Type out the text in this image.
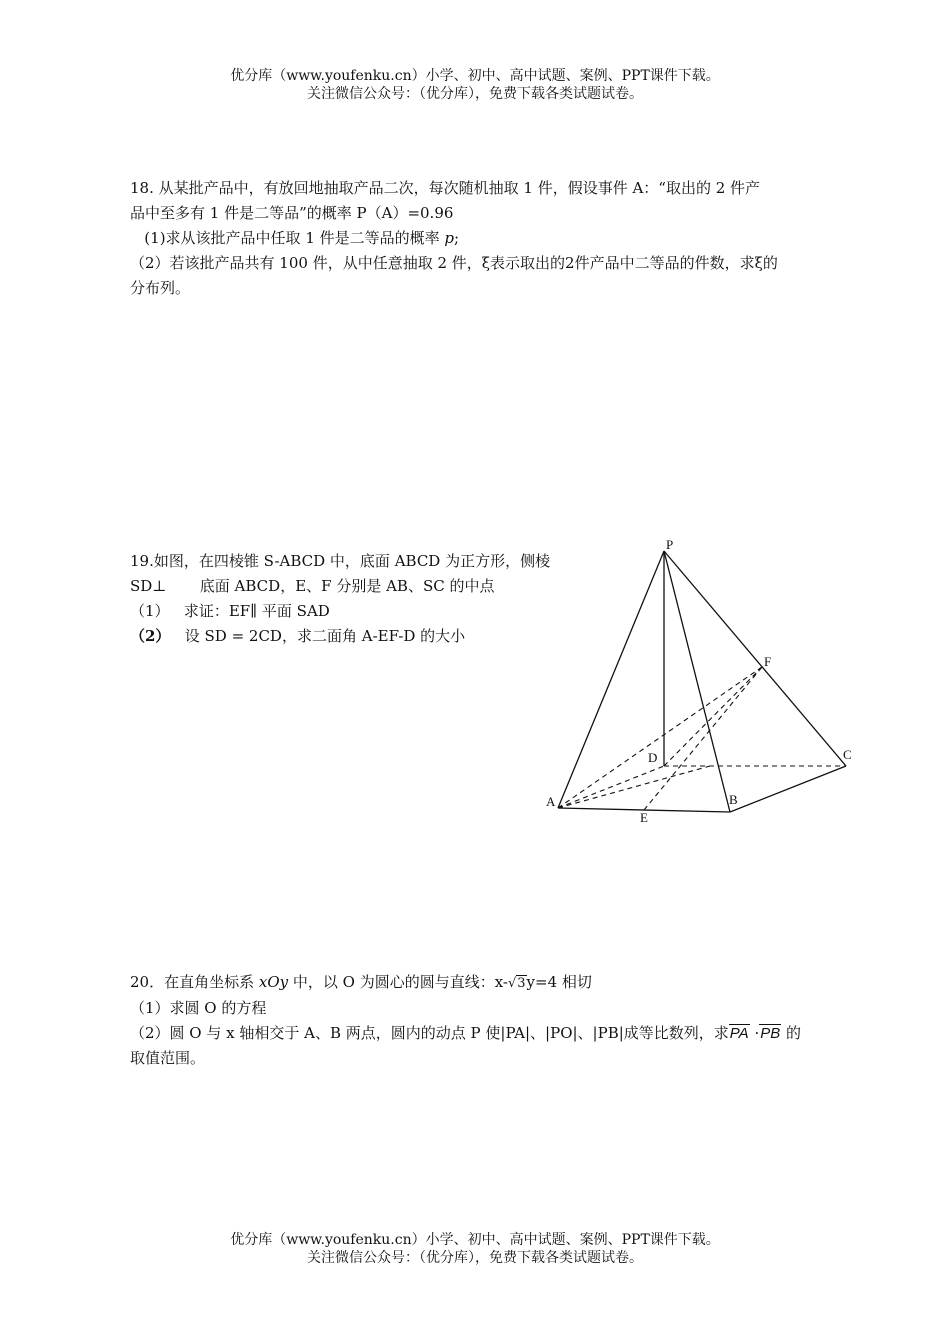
优分库（www.youfenku.cn）小学、初中、高中试题、案例、PPT课件下载。
关注微信公众号：（优分库），免费下载各类试题试卷。

18. 从某批产品中，有放回地抽取产品二次，每次随机抽取 1 件，假设事件 A：“取出的 2 件产

品中至多有 1 件是二等品”的概率 P（A）=0.96

(1)求从该批产品中任取 1 件是二等品的概率 p;

（2）若该批产品共有 100 件，从中任意抽取 2 件，ξ表示取出的2件产品中二等品的件数，求ξ的

分布列。

19.如图，在四棱锥 S-ABCD 中，底面 ABCD 为正方形，侧棱

SD⊥       底面 ABCD，E、F 分别是 AB、SC 的中点

（1）   求证：EF∥ 平面 SAD

（2）   设 SD = 2CD，求二面角 A-EF-D 的大小

P
F
C
D
A	B
E

20．在直角坐标系 xOy 中，以 O 为圆心的圆与直线：x-√3y=4 相切

（1）求圆 O 的方程

（2）圆 O 与 x 轴相交于 A、B 两点，圆内的动点 P 使|PA|、|PO|、|PB|成等比数列，求PA ·PB 的

取值范围。

优分库（www.youfenku.cn）小学、初中、高中试题、案例、PPT课件下载。
关注微信公众号：（优分库），免费下载各类试题试卷。
